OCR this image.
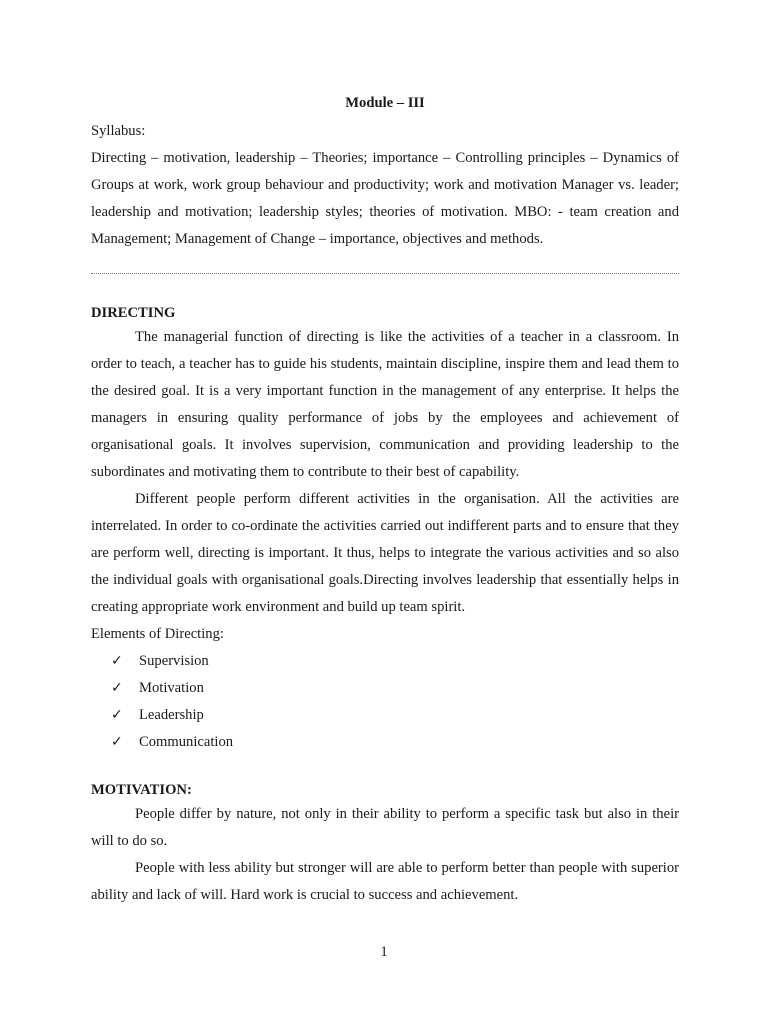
Module – III

Syllabus:

Directing – motivation, leadership – Theories; importance – Controlling principles – Dynamics of Groups at work, work group behaviour and productivity; work and motivation Manager vs. leader; leadership and motivation; leadership styles; theories of motivation. MBO: - team creation and Management; Management of Change – importance, objectives and methods.

DIRECTING

The managerial function of directing is like the activities of a teacher in a classroom. In order to teach, a teacher has to guide his students, maintain discipline, inspire them and lead them to the desired goal. It is a very important function in the management of any enterprise. It helps the managers in ensuring quality performance of jobs by the employees and achievement of organisational goals. It involves supervision, communication and providing leadership to the subordinates and motivating them to contribute to their best of capability.

Different people perform different activities in the organisation. All the activities are interrelated. In order to co-ordinate the activities carried out indifferent parts and to ensure that they are perform well, directing is important. It thus, helps to integrate the various activities and so also the individual goals with organisational goals.Directing involves leadership that essentially helps in creating appropriate work environment and build up team spirit.

Elements of Directing:

✓ Supervision
✓ Motivation
✓ Leadership
✓ Communication

MOTIVATION:

People differ by nature, not only in their ability to perform a specific task but also in their will to do so.

People with less ability but stronger will are able to perform better than people with superior ability and lack of will. Hard work is crucial to success and achievement.

1
